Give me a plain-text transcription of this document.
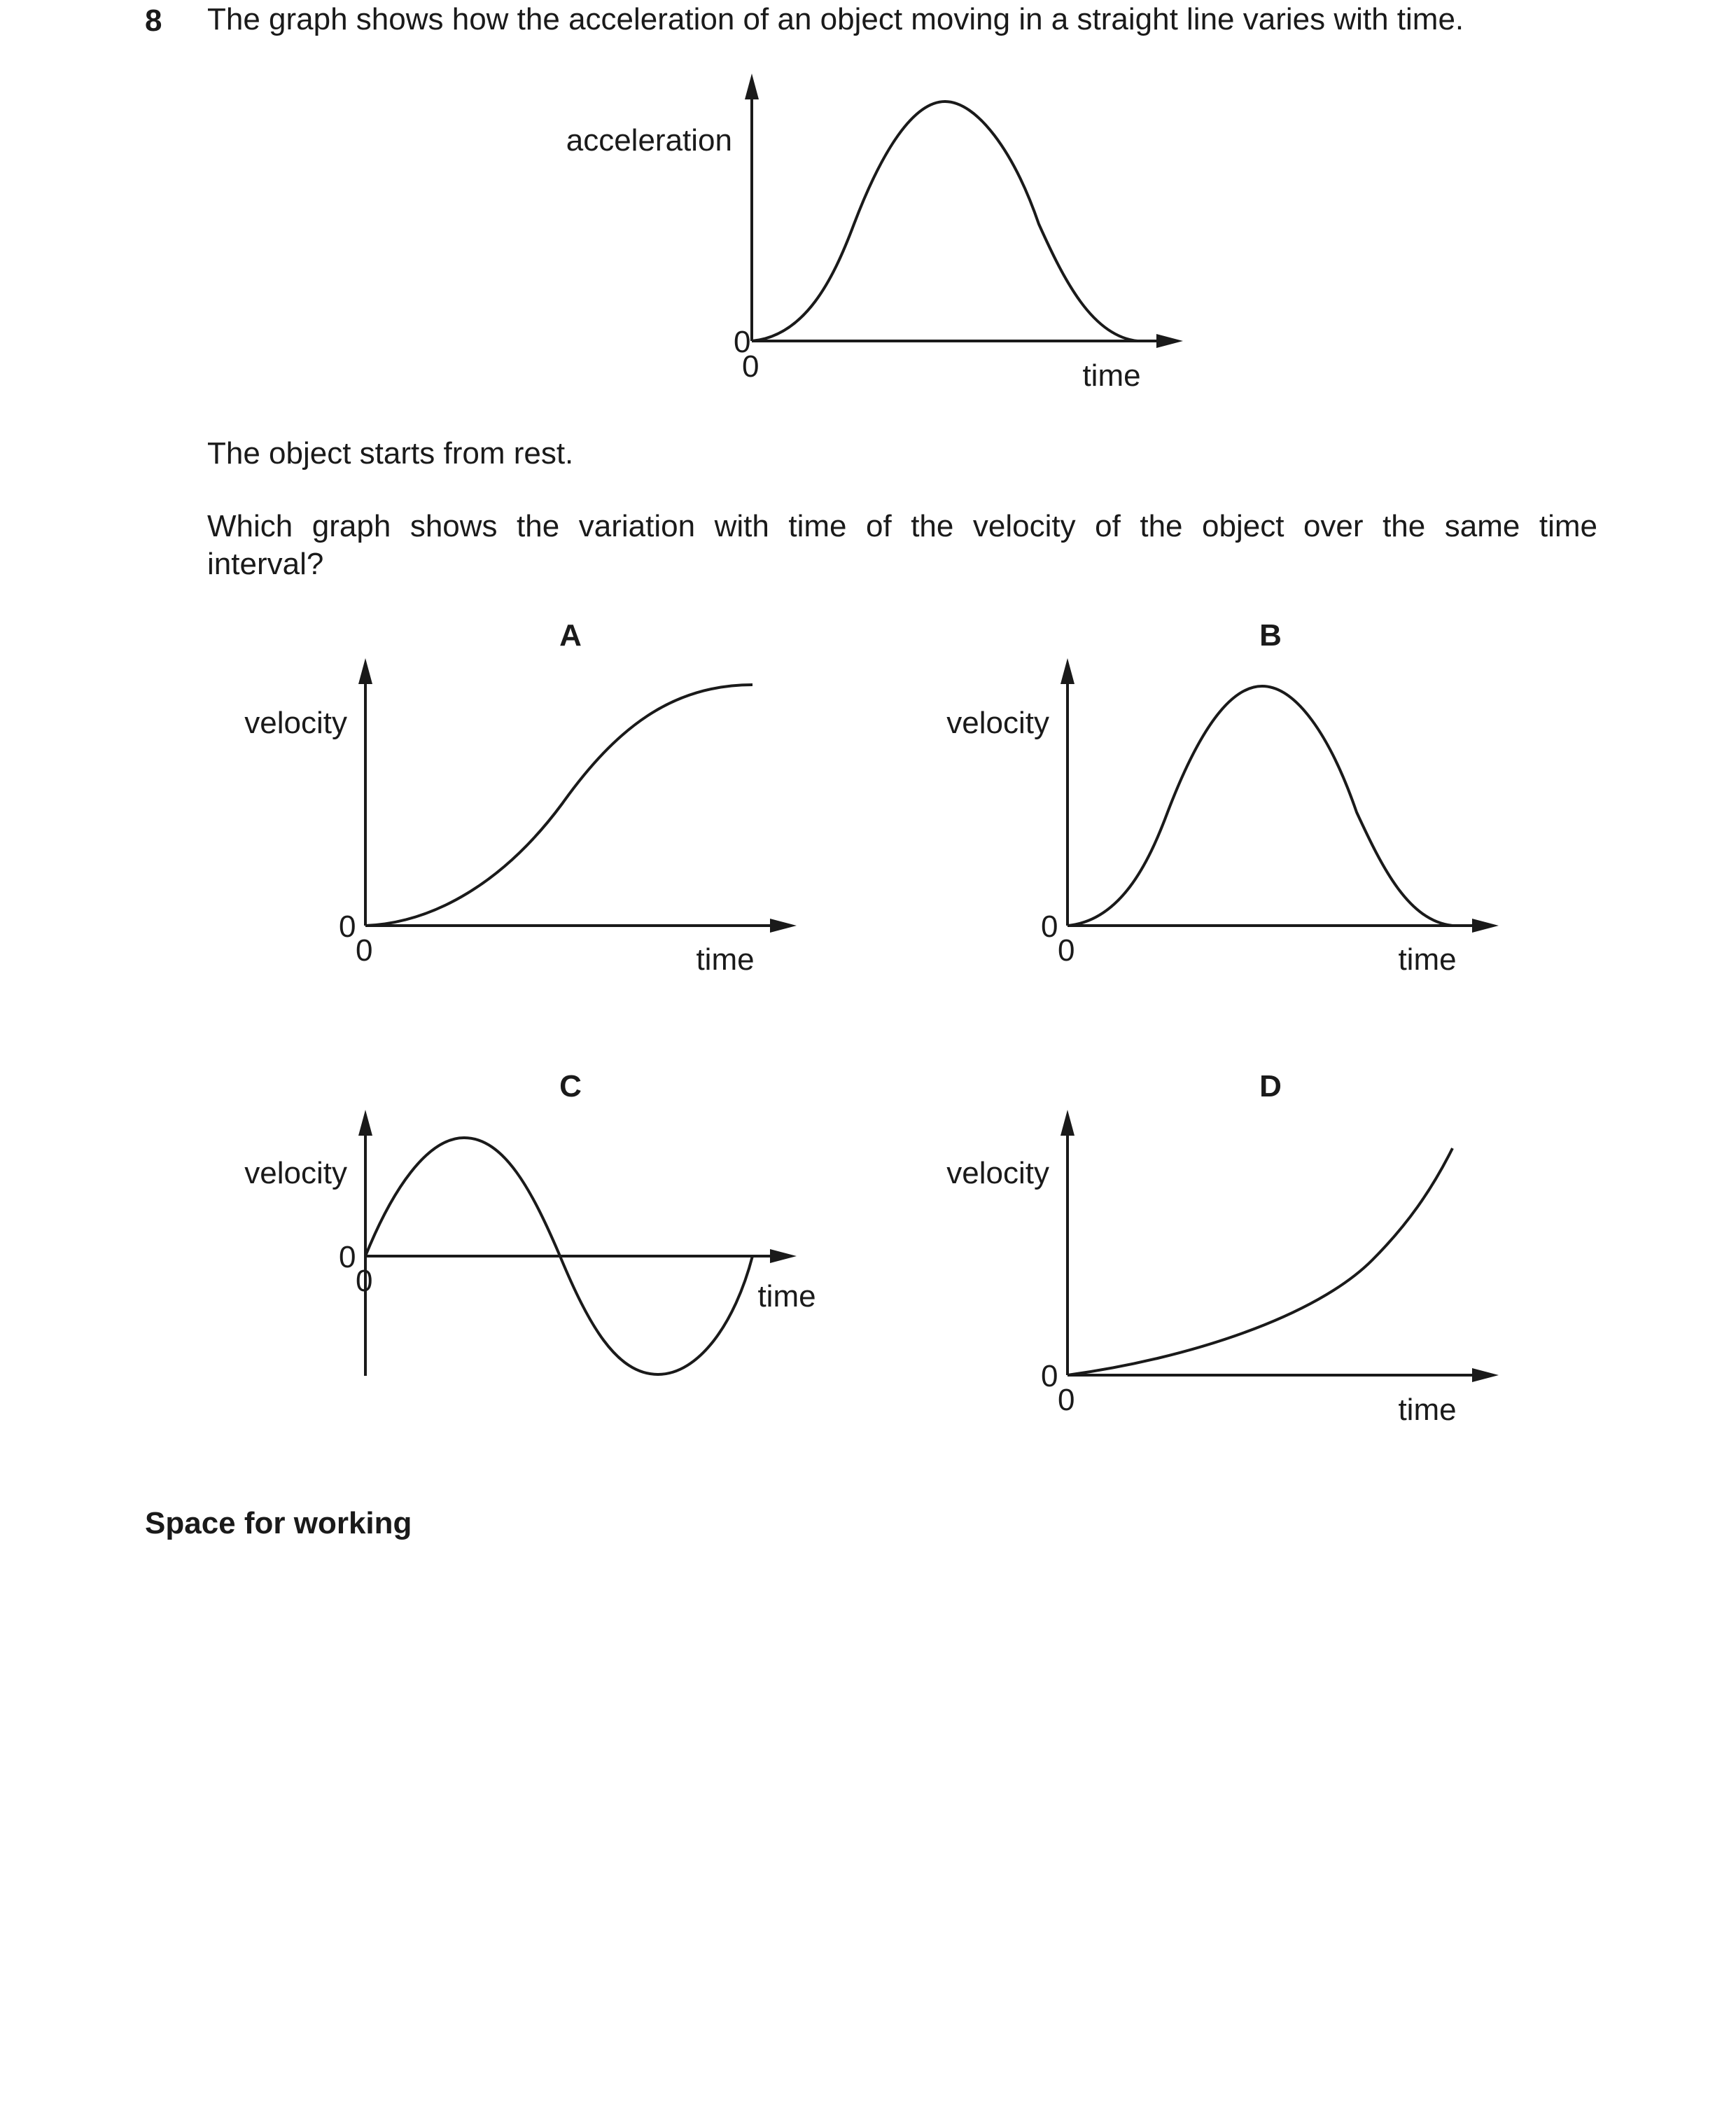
8 The graph shows how the acceleration of an object moving in a straight line varies with time.
The object starts from rest.
Which graph shows the variation with time of the velocity of the object over the same time
interval?
Space for working
acceleration
time
0
0
A
velocity
time
0
0
B
velocity
time
0
0
C
velocity
time
0
0
D
velocity
time
0
0
